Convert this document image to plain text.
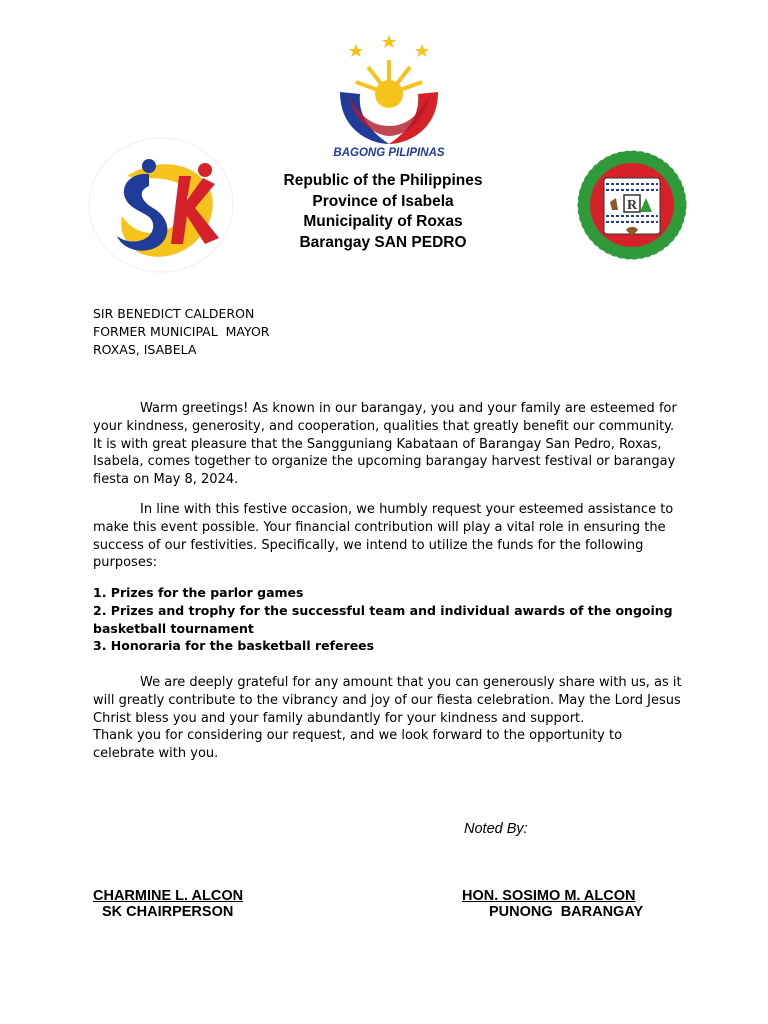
BAGONG PILIPINAS
R
Republic of the Philippines
Province of Isabela
Municipality of Roxas
Barangay SAN PEDRO
SIR BENEDICT CALDERON
FORMER MUNICIPAL  MAYOR
ROXAS, ISABELA
Warm greetings! As known in our barangay, you and your family are esteemed for your kindness, generosity, and cooperation, qualities that greatly benefit our community. It is with great pleasure that the Sangguniang Kabataan of Barangay San Pedro, Roxas, Isabela, comes together to organize the upcoming barangay harvest festival or barangay fiesta on May 8, 2024.
In line with this festive occasion, we humbly request your esteemed assistance to make this event possible. Your financial contribution will play a vital role in ensuring the success of our festivities. Specifically, we intend to utilize the funds for the following purposes:
1. Prizes for the parlor games
2. Prizes and trophy for the successful team and individual awards of the ongoing basketball tournament
3. Honoraria for the basketball referees
We are deeply grateful for any amount that you can generously share with us, as it will greatly contribute to the vibrancy and joy of our fiesta celebration. May the Lord Jesus Christ bless you and your family abundantly for your kindness and support.
Thank you for considering our request, and we look forward to the opportunity to celebrate with you.
Noted By:
CHARMINE L. ALCON
SK CHAIRPERSON
HON. SOSIMO M. ALCON
PUNONG  BARANGAY
